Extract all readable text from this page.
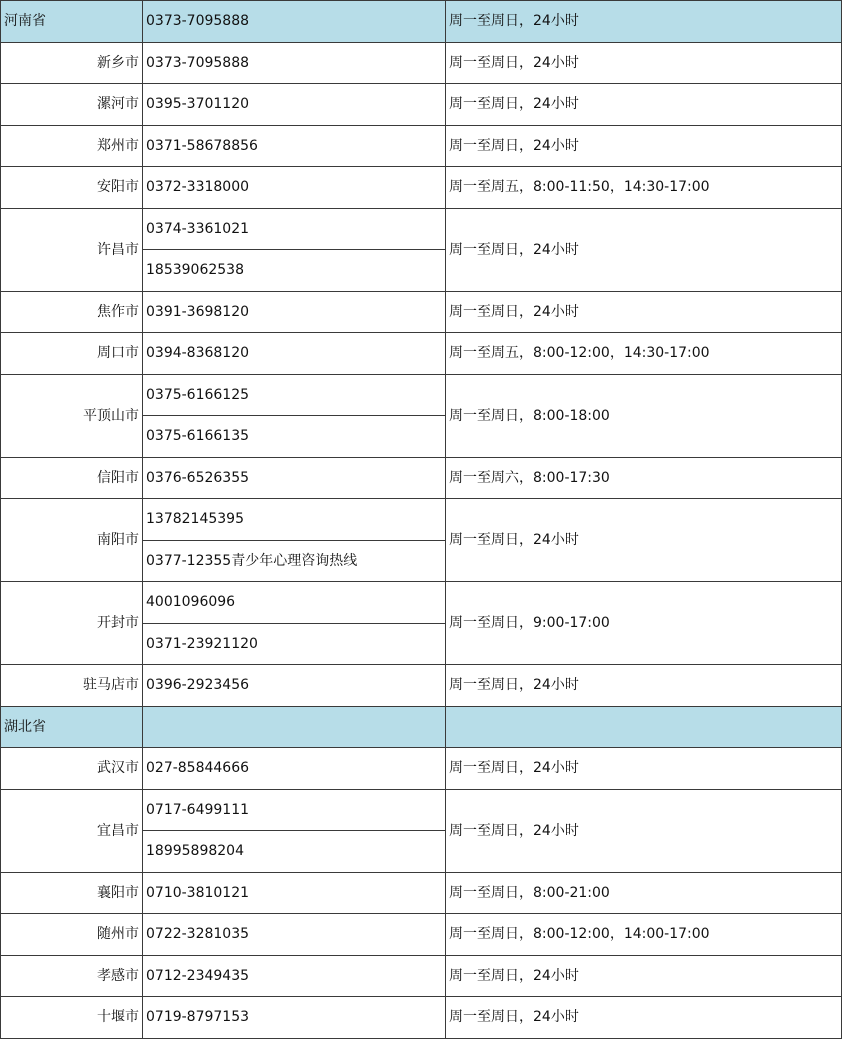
河南省	0373-7095888	周一至周日，24小时
新乡市	0373-7095888	周一至周日，24小时
漯河市	0395-3701120	周一至周日，24小时
郑州市	0371-58678856	周一至周日，24小时
安阳市	0372-3318000	周一至周五，8:00-11:50，14:30-17:00
许昌市	0374-3361021	周一至周日，24小时
	18539062538	
焦作市	0391-3698120	周一至周日，24小时
周口市	0394-8368120	周一至周五，8:00-12:00，14:30-17:00
平顶山市	0375-6166125	周一至周日，8:00-18:00
	0375-6166135	
信阳市	0376-6526355	周一至周六，8:00-17:30
南阳市	13782145395	周一至周日，24小时
	0377-12355青少年心理咨询热线	
开封市	4001096096	周一至周日，9:00-17:00
	0371-23921120	
驻马店市	0396-2923456	周一至周日，24小时
湖北省		
武汉市	027-85844666	周一至周日，24小时
宜昌市	0717-6499111	周一至周日，24小时
	18995898204	
襄阳市	0710-3810121	周一至周日，8:00-21:00
随州市	0722-3281035	周一至周日，8:00-12:00，14:00-17:00
孝感市	0712-2349435	周一至周日，24小时
十堰市	0719-8797153	周一至周日，24小时
